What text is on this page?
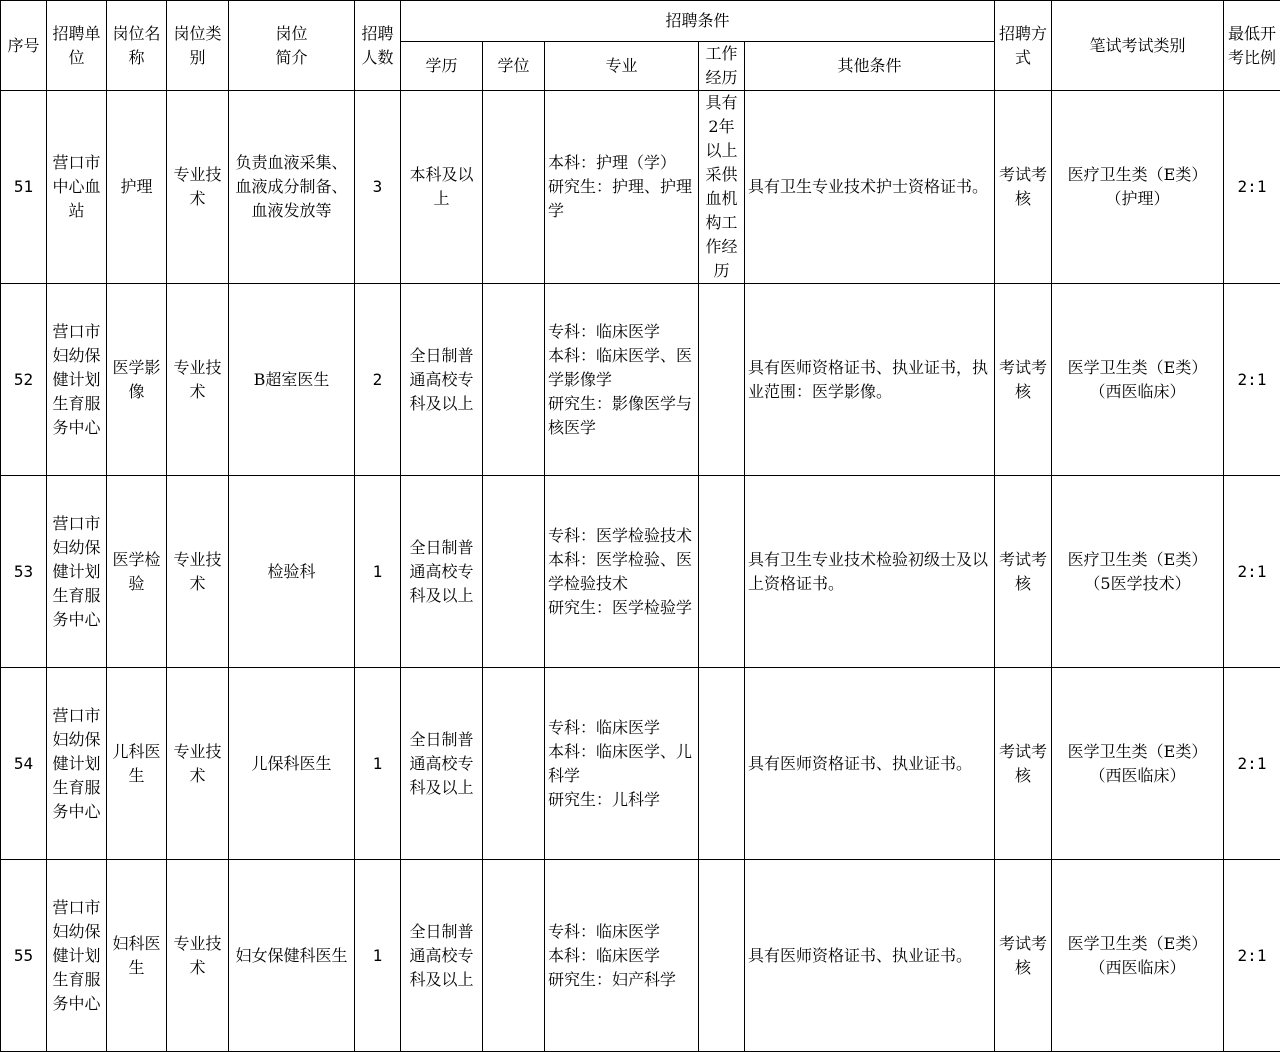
序号	招聘单位	岗位名称	岗位类别	岗位简介	招聘人数	招聘条件					招聘方式	笔试考试类别	最低开考比例
						学历	学位	专业	工作经历	其他条件			
51	营口市中心血站	护理	专业技术	负责血液采集、血液成分制备、血液发放等	3	本科及以上		本科：护理（学）
研究生：护理、护理学	具有2年以上采供血机构工作经历	具有卫生专业技术护士资格证书。	考试考核	医疗卫生类（E类）
（护理）	2:1
52	营口市妇幼保健计划生育服务中心	医学影像	专业技术	B超室医生	2	全日制普通高校专科及以上		专科：临床医学
本科：临床医学、医学影像学
研究生：影像医学与核医学		具有医师资格证书、执业证书，执业范围：医学影像。	考试考核	医学卫生类（E类）
（西医临床）	2:1
53	营口市妇幼保健计划生育服务中心	医学检验	专业技术	检验科	1	全日制普通高校专科及以上		专科：医学检验技术
本科：医学检验、医学检验技术
研究生：医学检验学		具有卫生专业技术检验初级士及以上资格证书。	考试考核	医疗卫生类（E类）
（5医学技术）	2:1
54	营口市妇幼保健计划生育服务中心	儿科医生	专业技术	儿保科医生	1	全日制普通高校专科及以上		专科：临床医学
本科：临床医学、儿科学
研究生：儿科学		具有医师资格证书、执业证书。	考试考核	医学卫生类（E类）
（西医临床）	2:1
55	营口市妇幼保健计划生育服务中心	妇科医生	专业技术	妇女保健科医生	1	全日制普通高校专科及以上		专科：临床医学
本科：临床医学
研究生：妇产科学		具有医师资格证书、执业证书。	考试考核	医学卫生类（E类）
（西医临床）	2:1
